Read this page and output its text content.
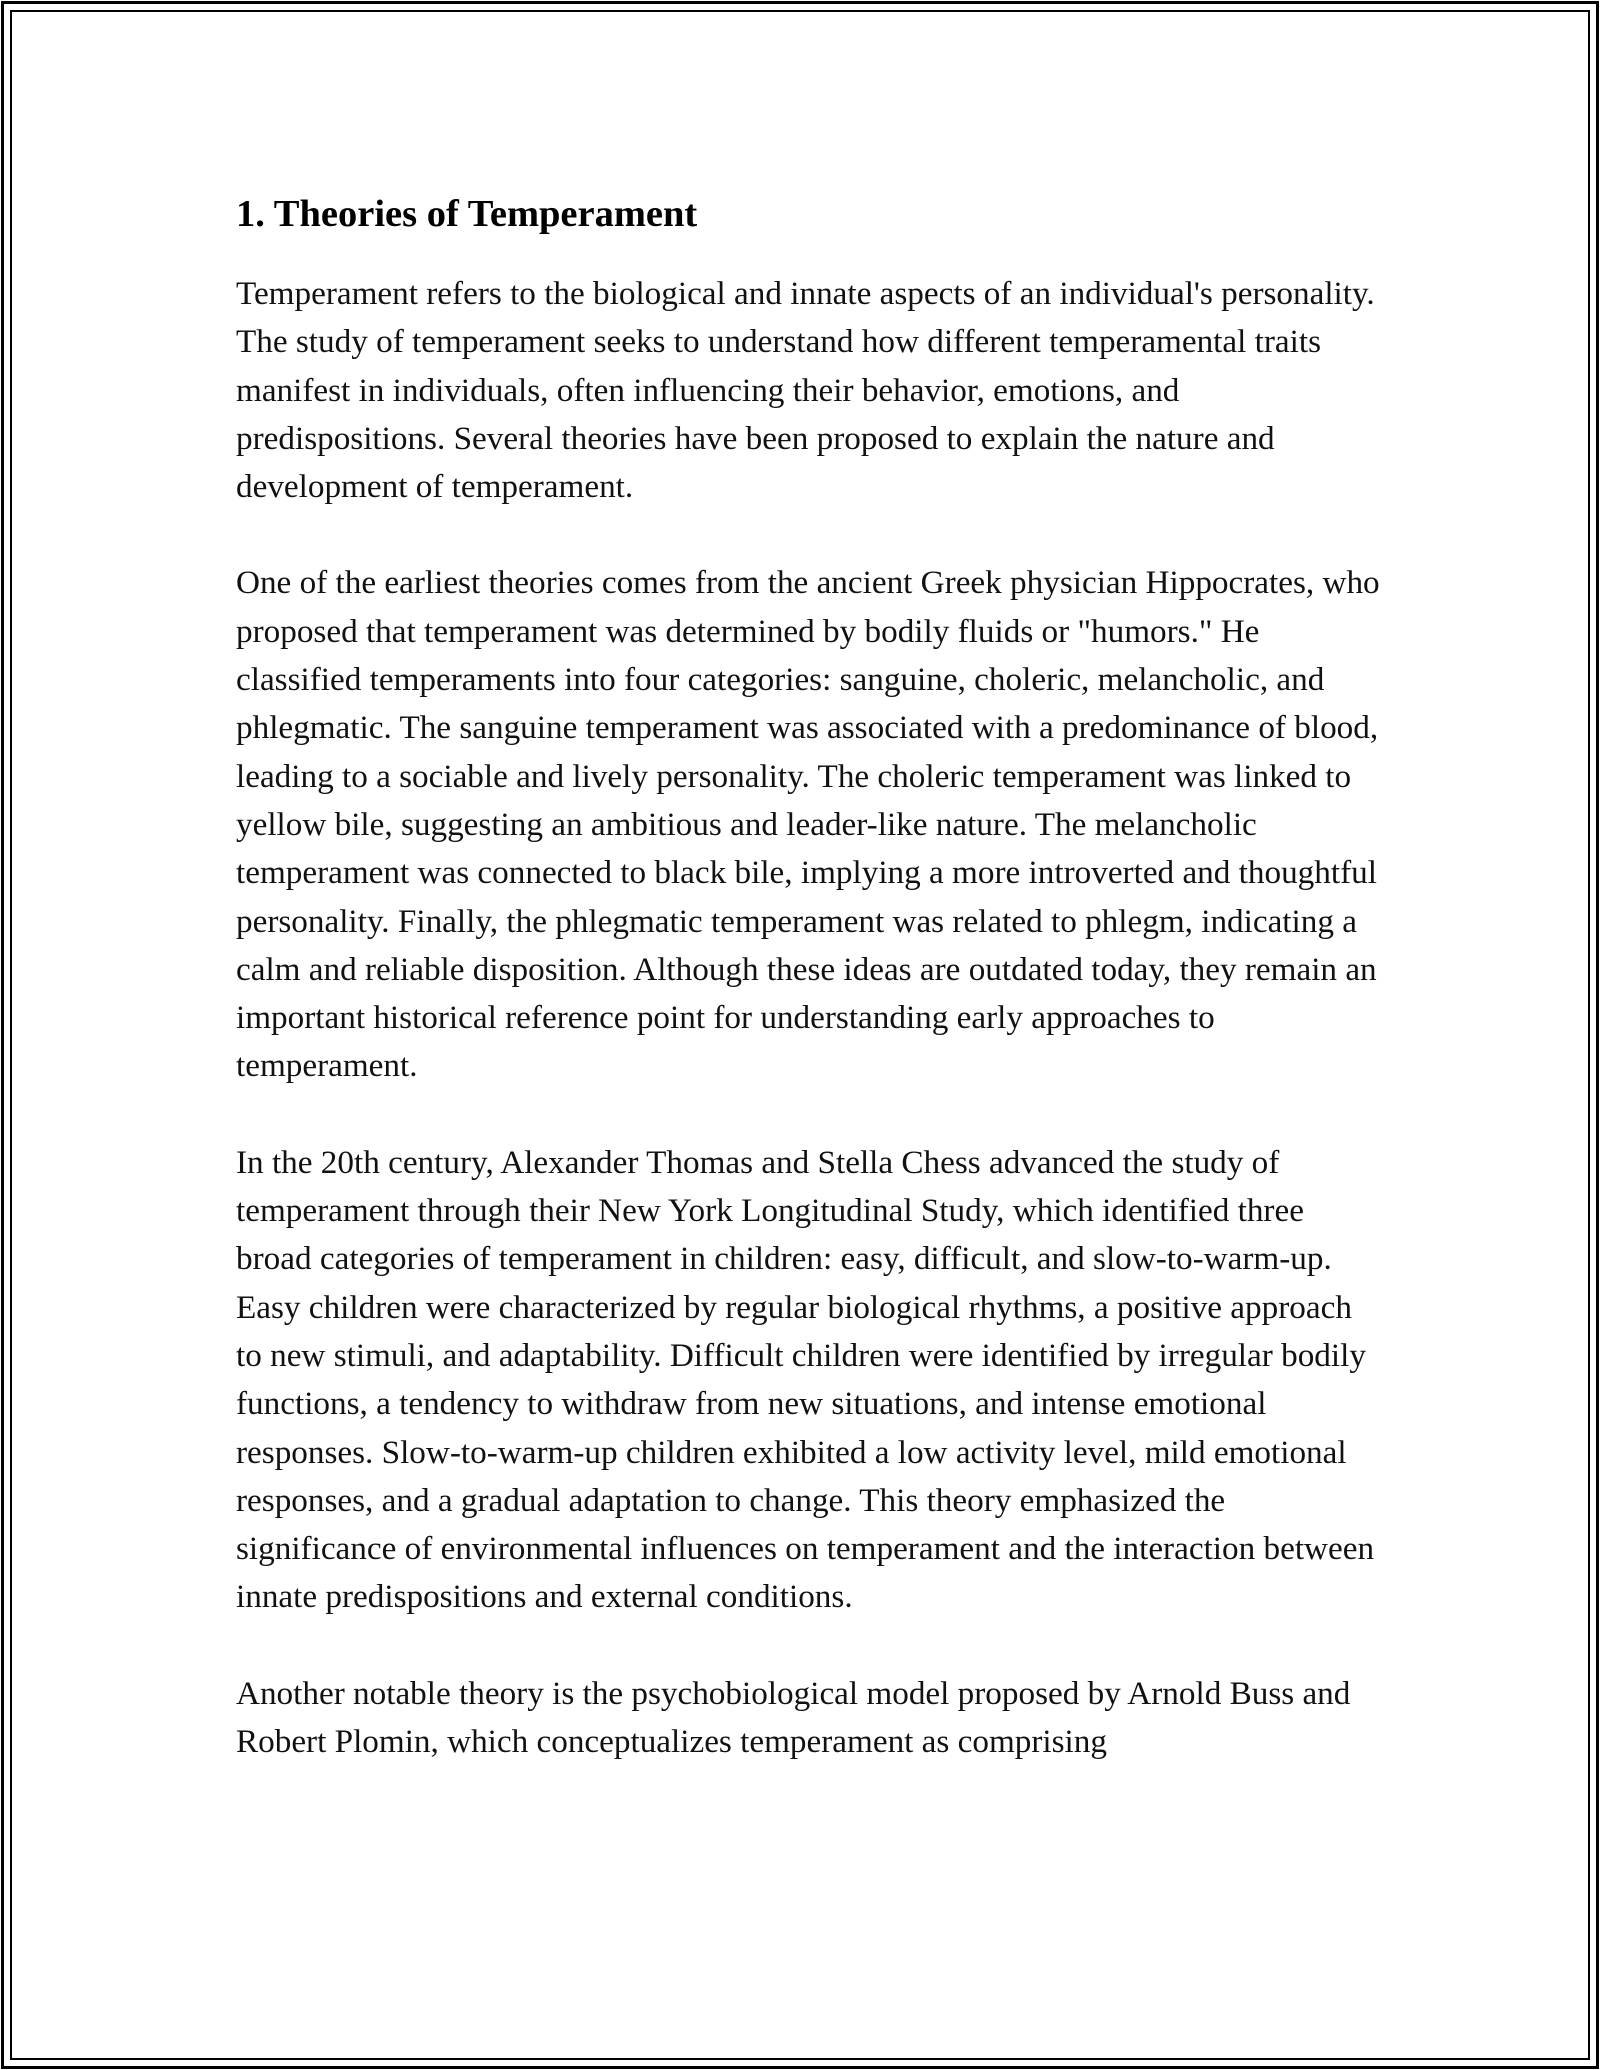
1. Theories of Temperament

Temperament refers to the biological and innate aspects of an individual's personality. The study of temperament seeks to understand how different temperamental traits manifest in individuals, often influencing their behavior, emotions, and predispositions. Several theories have been proposed to explain the nature and development of temperament.

One of the earliest theories comes from the ancient Greek physician Hippocrates, who proposed that temperament was determined by bodily fluids or "humors." He classified temperaments into four categories: sanguine, choleric, melancholic, and phlegmatic. The sanguine temperament was associated with a predominance of blood, leading to a sociable and lively personality. The choleric temperament was linked to yellow bile, suggesting an ambitious and leader-like nature. The melancholic temperament was connected to black bile, implying a more introverted and thoughtful personality. Finally, the phlegmatic temperament was related to phlegm, indicating a calm and reliable disposition. Although these ideas are outdated today, they remain an important historical reference point for understanding early approaches to temperament.

In the 20th century, Alexander Thomas and Stella Chess advanced the study of temperament through their New York Longitudinal Study, which identified three broad categories of temperament in children: easy, difficult, and slow-to-warm-up. Easy children were characterized by regular biological rhythms, a positive approach to new stimuli, and adaptability. Difficult children were identified by irregular bodily functions, a tendency to withdraw from new situations, and intense emotional responses. Slow-to-warm-up children exhibited a low activity level, mild emotional responses, and a gradual adaptation to change. This theory emphasized the significance of environmental influences on temperament and the interaction between innate predispositions and external conditions.

Another notable theory is the psychobiological model proposed by Arnold Buss and Robert Plomin, which conceptualizes temperament as comprising
